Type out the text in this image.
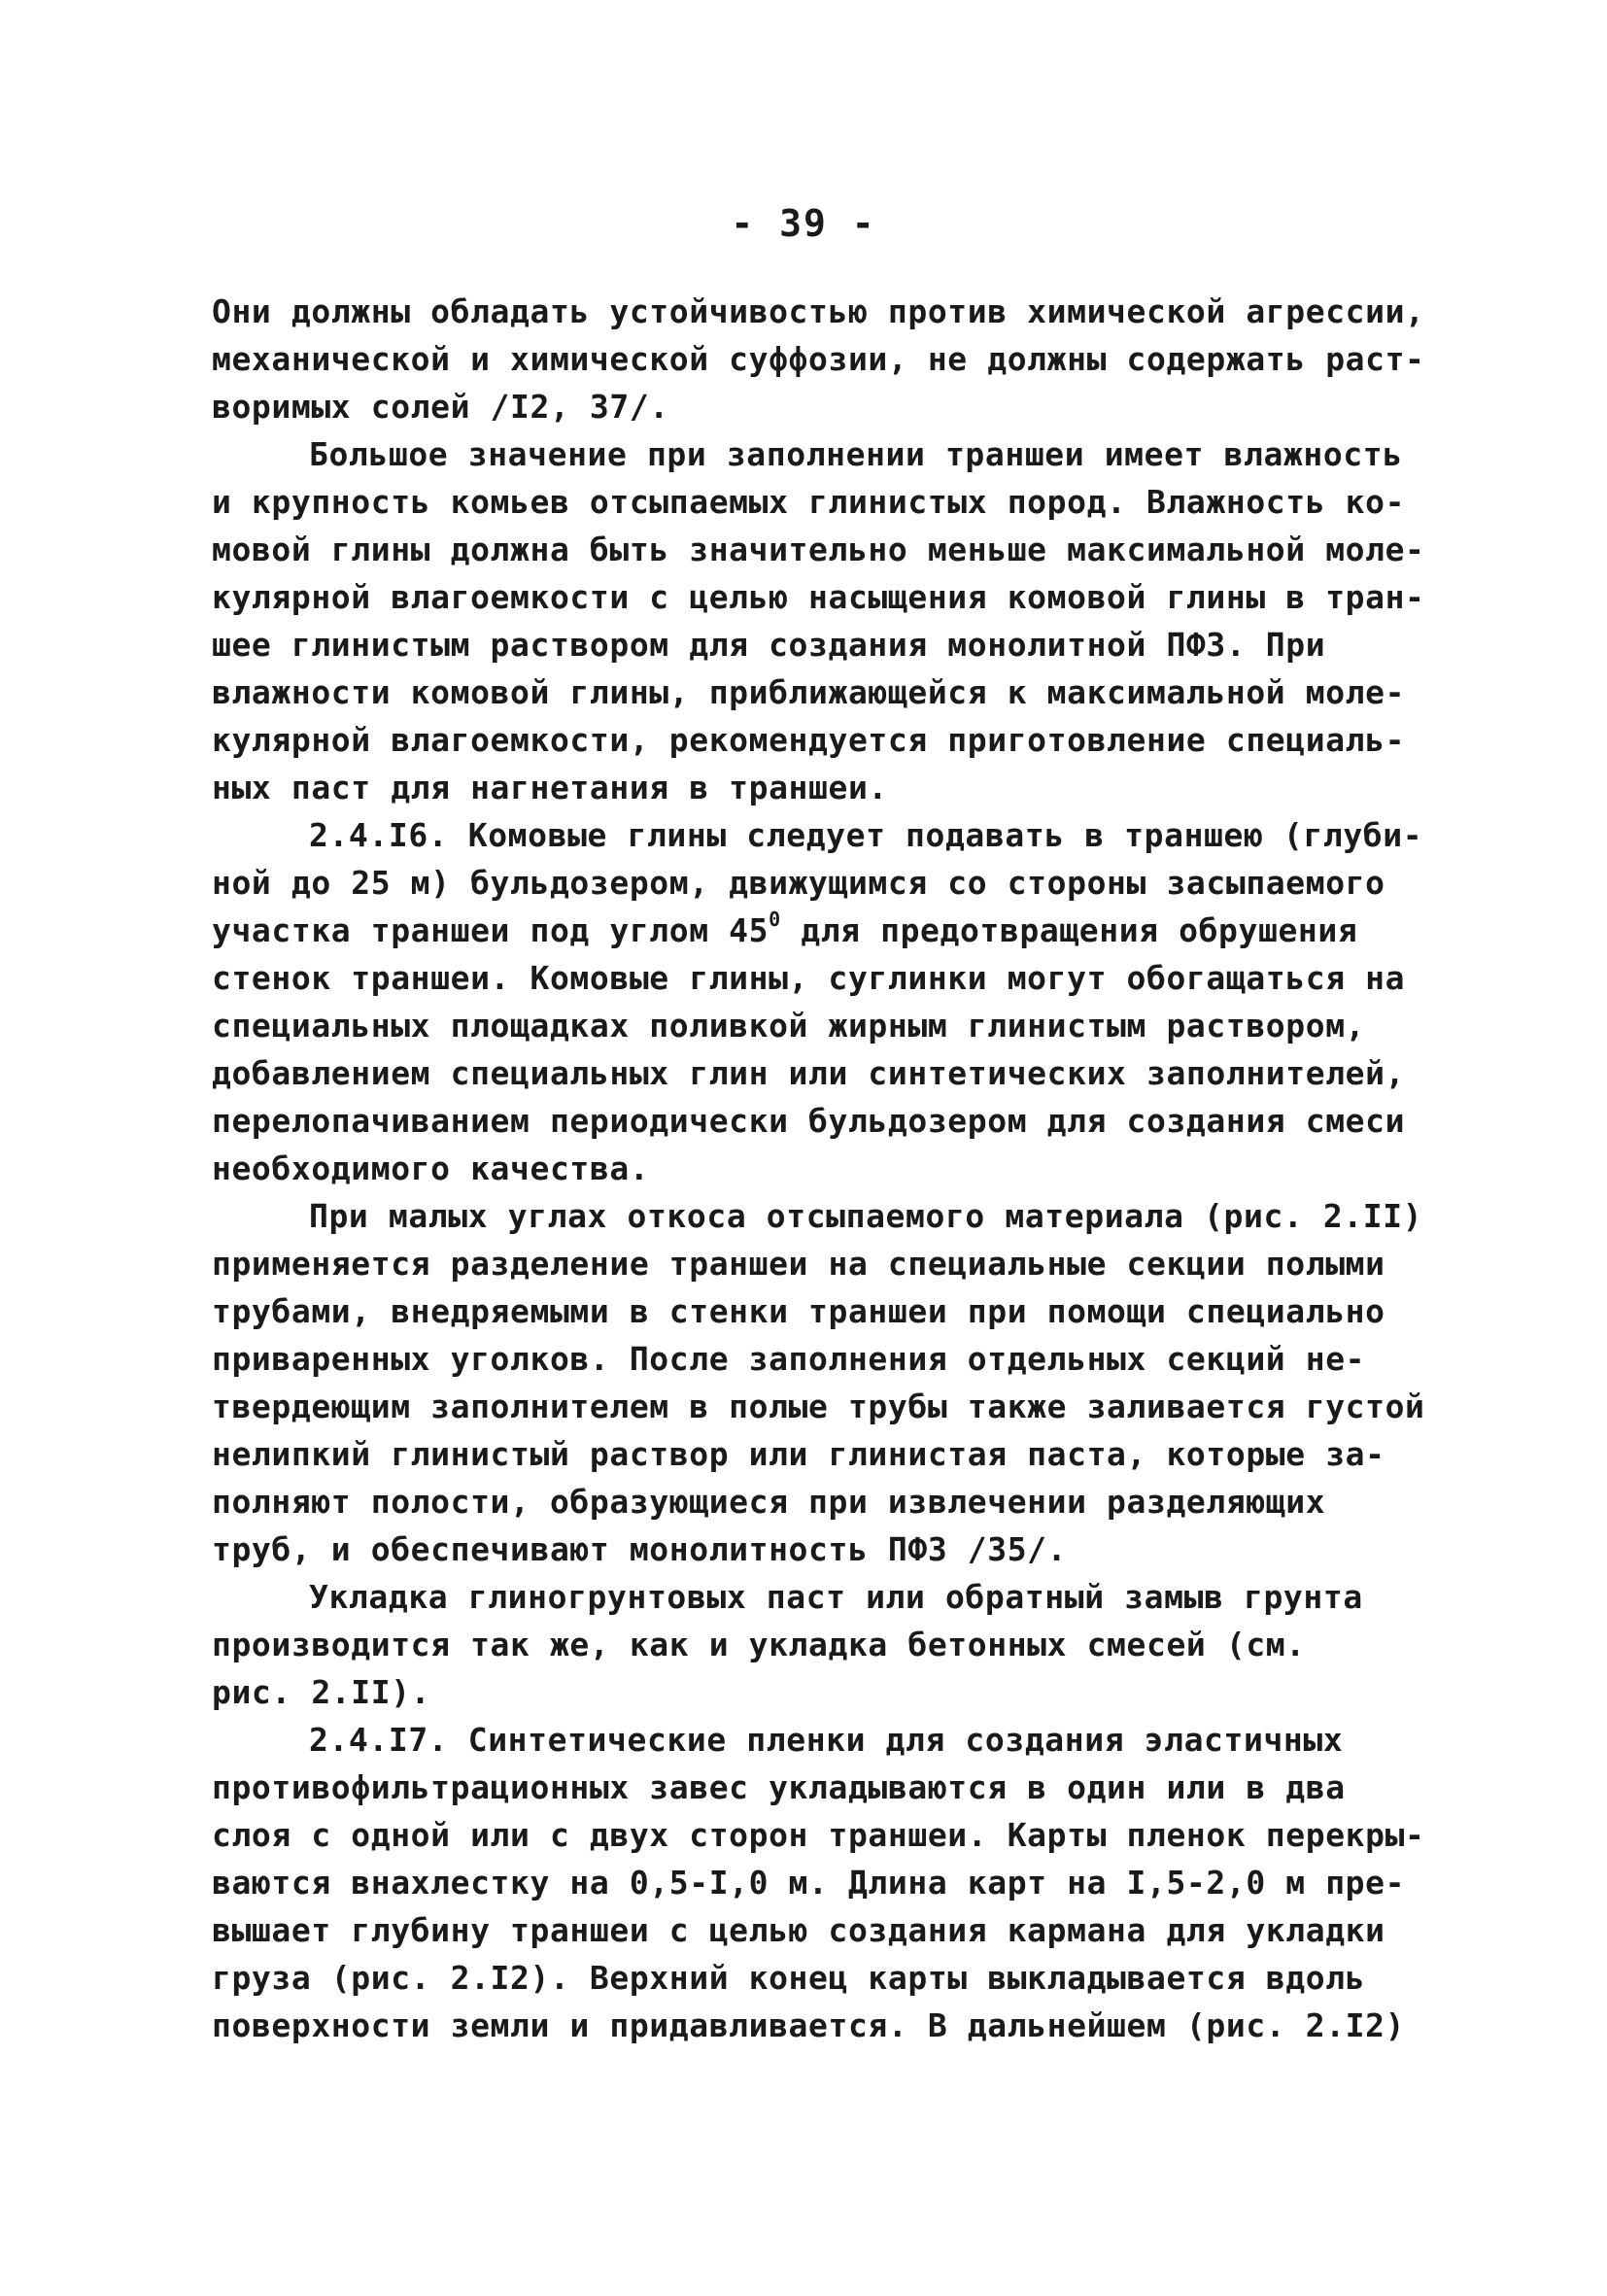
- 39 -
Они должны обладать устойчивостью против химической агрессии,
механической и химической суффозии, не должны содержать раст-
воримых солей /I2, 37/.
Большое значение при заполнении траншеи имеет влажность
и крупность комьев отсыпаемых глинистых пород. Влажность ко-
мовой глины должна быть значительно меньше максимальной моле-
кулярной влагоемкости с целью насыщения комовой глины в тран-
шее глинистым раствором для создания монолитной ПФЗ. При
влажности комовой глины, приближающейся к максимальной моле-
кулярной влагоемкости, рекомендуется приготовление специаль-
ных паст для нагнетания в траншеи.
2.4.I6. Комовые глины следует подавать в траншею (глуби-
ной до 25 м) бульдозером, движущимся со стороны засыпаемого
участка траншеи под углом $45^0$ для предотвращения обрушения
стенок траншеи. Комовые глины, суглинки могут обогащаться на
специальных площадках поливкой жирным глинистым раствором,
добавлением специальных глин или синтетических заполнителей,
перелопачиванием периодически бульдозером для создания смеси
необходимого качества.
При малых углах откоса отсыпаемого материала (рис. 2.II)
применяется разделение траншеи на специальные секции полыми
трубами, внедряемыми в стенки траншеи при помощи специально
приваренных уголков. После заполнения отдельных секций не-
твердеющим заполнителем в полые трубы также заливается густой
нелипкий глинистый раствор или глинистая паста, которые за-
полняют полости, образующиеся при извлечении разделяющих
труб, и обеспечивают монолитность ПФЗ /35/.
Укладка глиногрунтовых паст или обратный замыв грунта
производится так же, как и укладка бетонных смесей (см.
рис. 2.II).
2.4.I7. Синтетические пленки для создания эластичных
противофильтрационных завес укладываются в один или в два
слоя с одной или с двух сторон траншеи. Карты пленок перекры-
ваются внахлестку на 0,5-I,0 м. Длина карт на I,5-2,0 м пре-
вышает глубину траншеи с целью создания кармана для укладки
груза (рис. 2.I2). Верхний конец карты выкладывается вдоль
поверхности земли и придавливается. В дальнейшем (рис. 2.I2)
